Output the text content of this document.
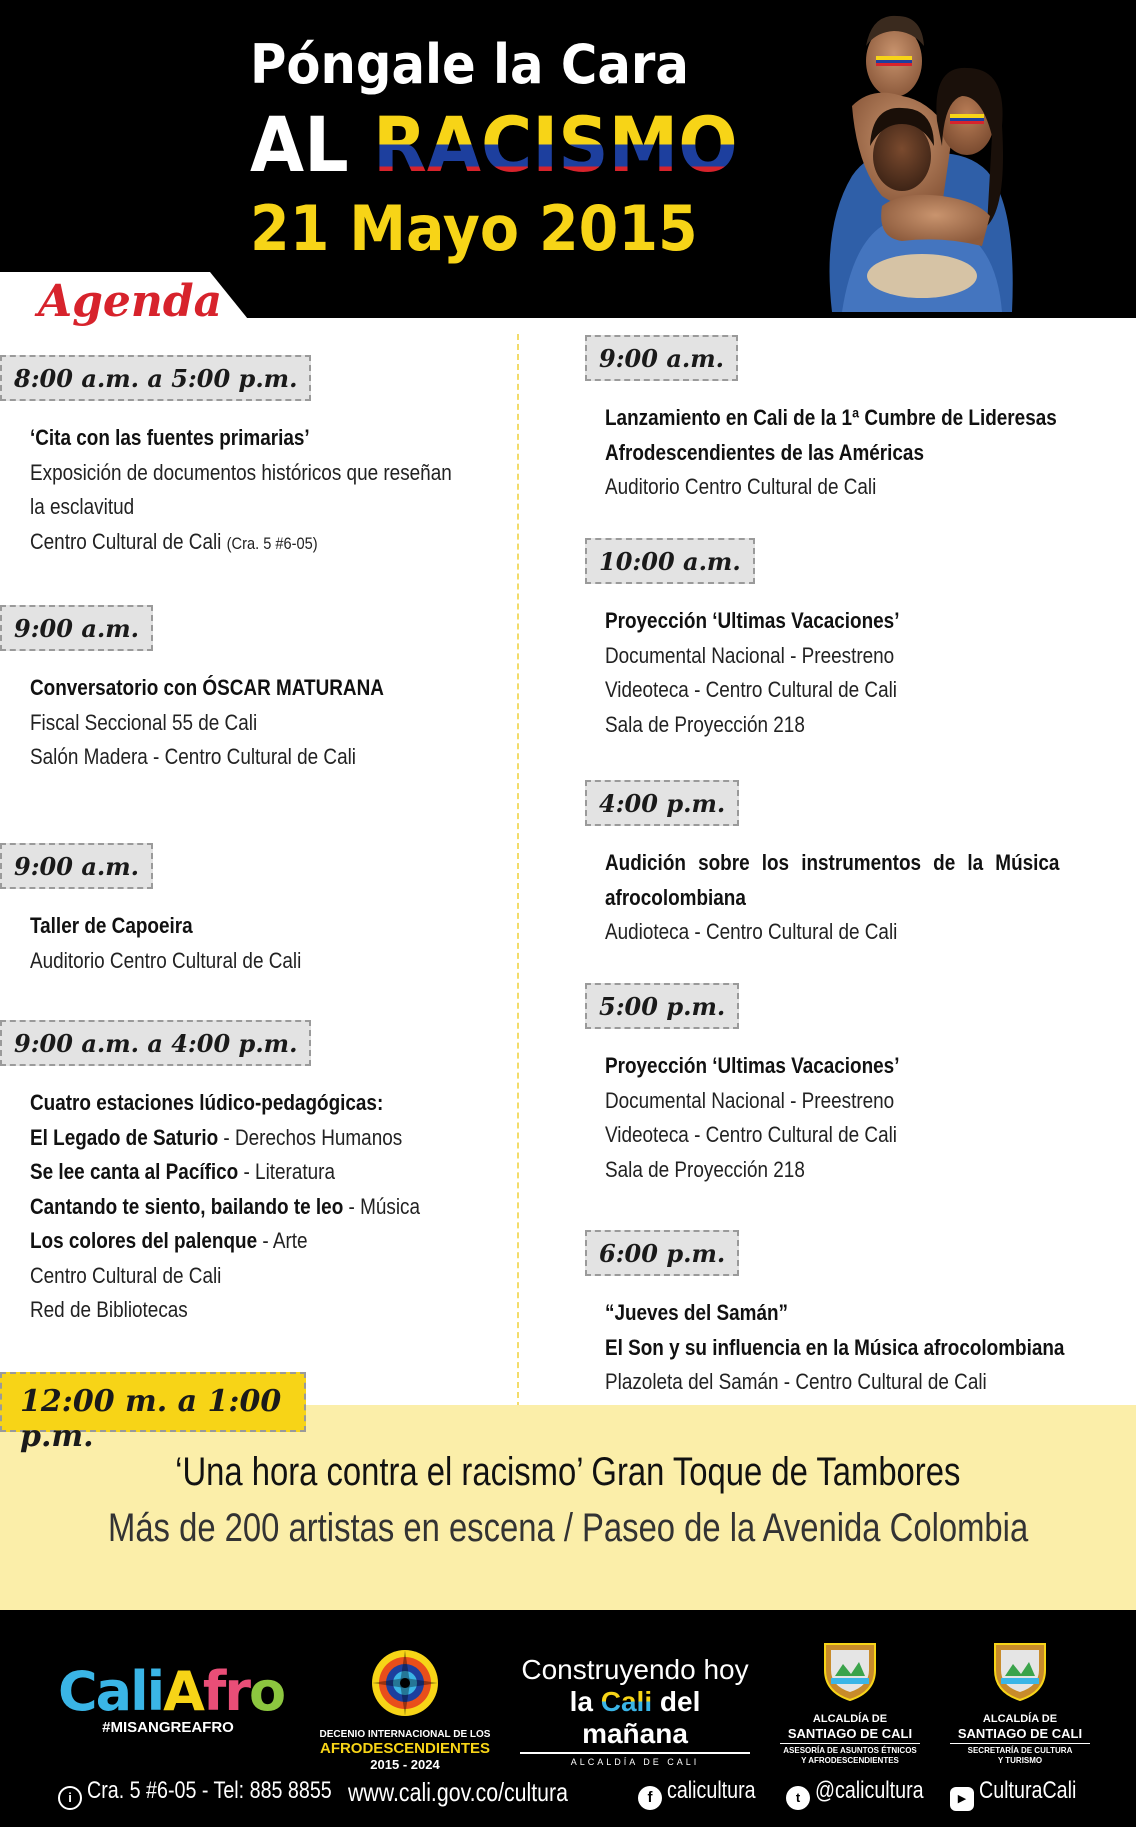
Póngale la Cara
AL RACISMO
21 Mayo 2015
Agenda
8:00 a.m. a 5:00 p.m.
‘Cita con las fuentes primarias’
Exposición de documentos históricos que reseñan
la esclavitud
Centro Cultural de Cali (Cra. 5 #6-05)
9:00 a.m.
Conversatorio con ÓSCAR MATURANA
Fiscal Seccional 55 de Cali
Salón Madera - Centro Cultural de Cali
9:00 a.m.
Taller de Capoeira
Auditorio Centro Cultural de Cali
9:00 a.m. a 4:00 p.m.
Cuatro estaciones lúdico-pedagógicas:
El Legado de Saturio - Derechos Humanos
Se lee canta al Pacífico - Literatura
Cantando te siento, bailando te leo - Música
Los colores del palenque - Arte
Centro Cultural de Cali
Red de Bibliotecas
9:00 a.m.
Lanzamiento en Cali de la 1ª Cumbre de Lideresas
Afrodescendientes de las Américas
Auditorio Centro Cultural de Cali
10:00 a.m.
Proyección ‘Ultimas Vacaciones’
Documental Nacional - Preestreno
Videoteca - Centro Cultural de Cali
Sala de Proyección 218
4:00 p.m.
Audición sobre los instrumentos de la Música
afrocolombiana
Audioteca - Centro Cultural de Cali
5:00 p.m.
Proyección ‘Ultimas Vacaciones’
Documental Nacional - Preestreno
Videoteca - Centro Cultural de Cali
Sala de Proyección 218
6:00 p.m.
“Jueves del Samán”
El Son y su influencia en la Música afrocolombiana
Plazoleta del Samán - Centro Cultural de Cali
12:00 m. a 1:00 p.m.
‘Una hora contra el racismo’ Gran Toque de Tambores
Más de 200 artistas en escena / Paseo de la Avenida Colombia
CaliAfro
#MISANGREAFRO	DECENIO INTERNACIONAL DE LOS
AFRODESCENDIENTES
2015 - 2024
Construyendo hoy
la Cali del mañana
ALCALDÍA DE CALI
ALCALDÍA DE
SANTIAGO DE CALI
ASESORÍA DE ASUNTOS ÉTNICOS
Y AFRODESCENDIENTES
ALCALDÍA DE
SANTIAGO DE CALI
SECRETARÍA DE CULTURA
Y TURISMO
i Cra. 5 #6-05 - Tel: 885 8855 www.cali.gov.co/cultura	f calicultura	t @calicultura	▶ CulturaCali
